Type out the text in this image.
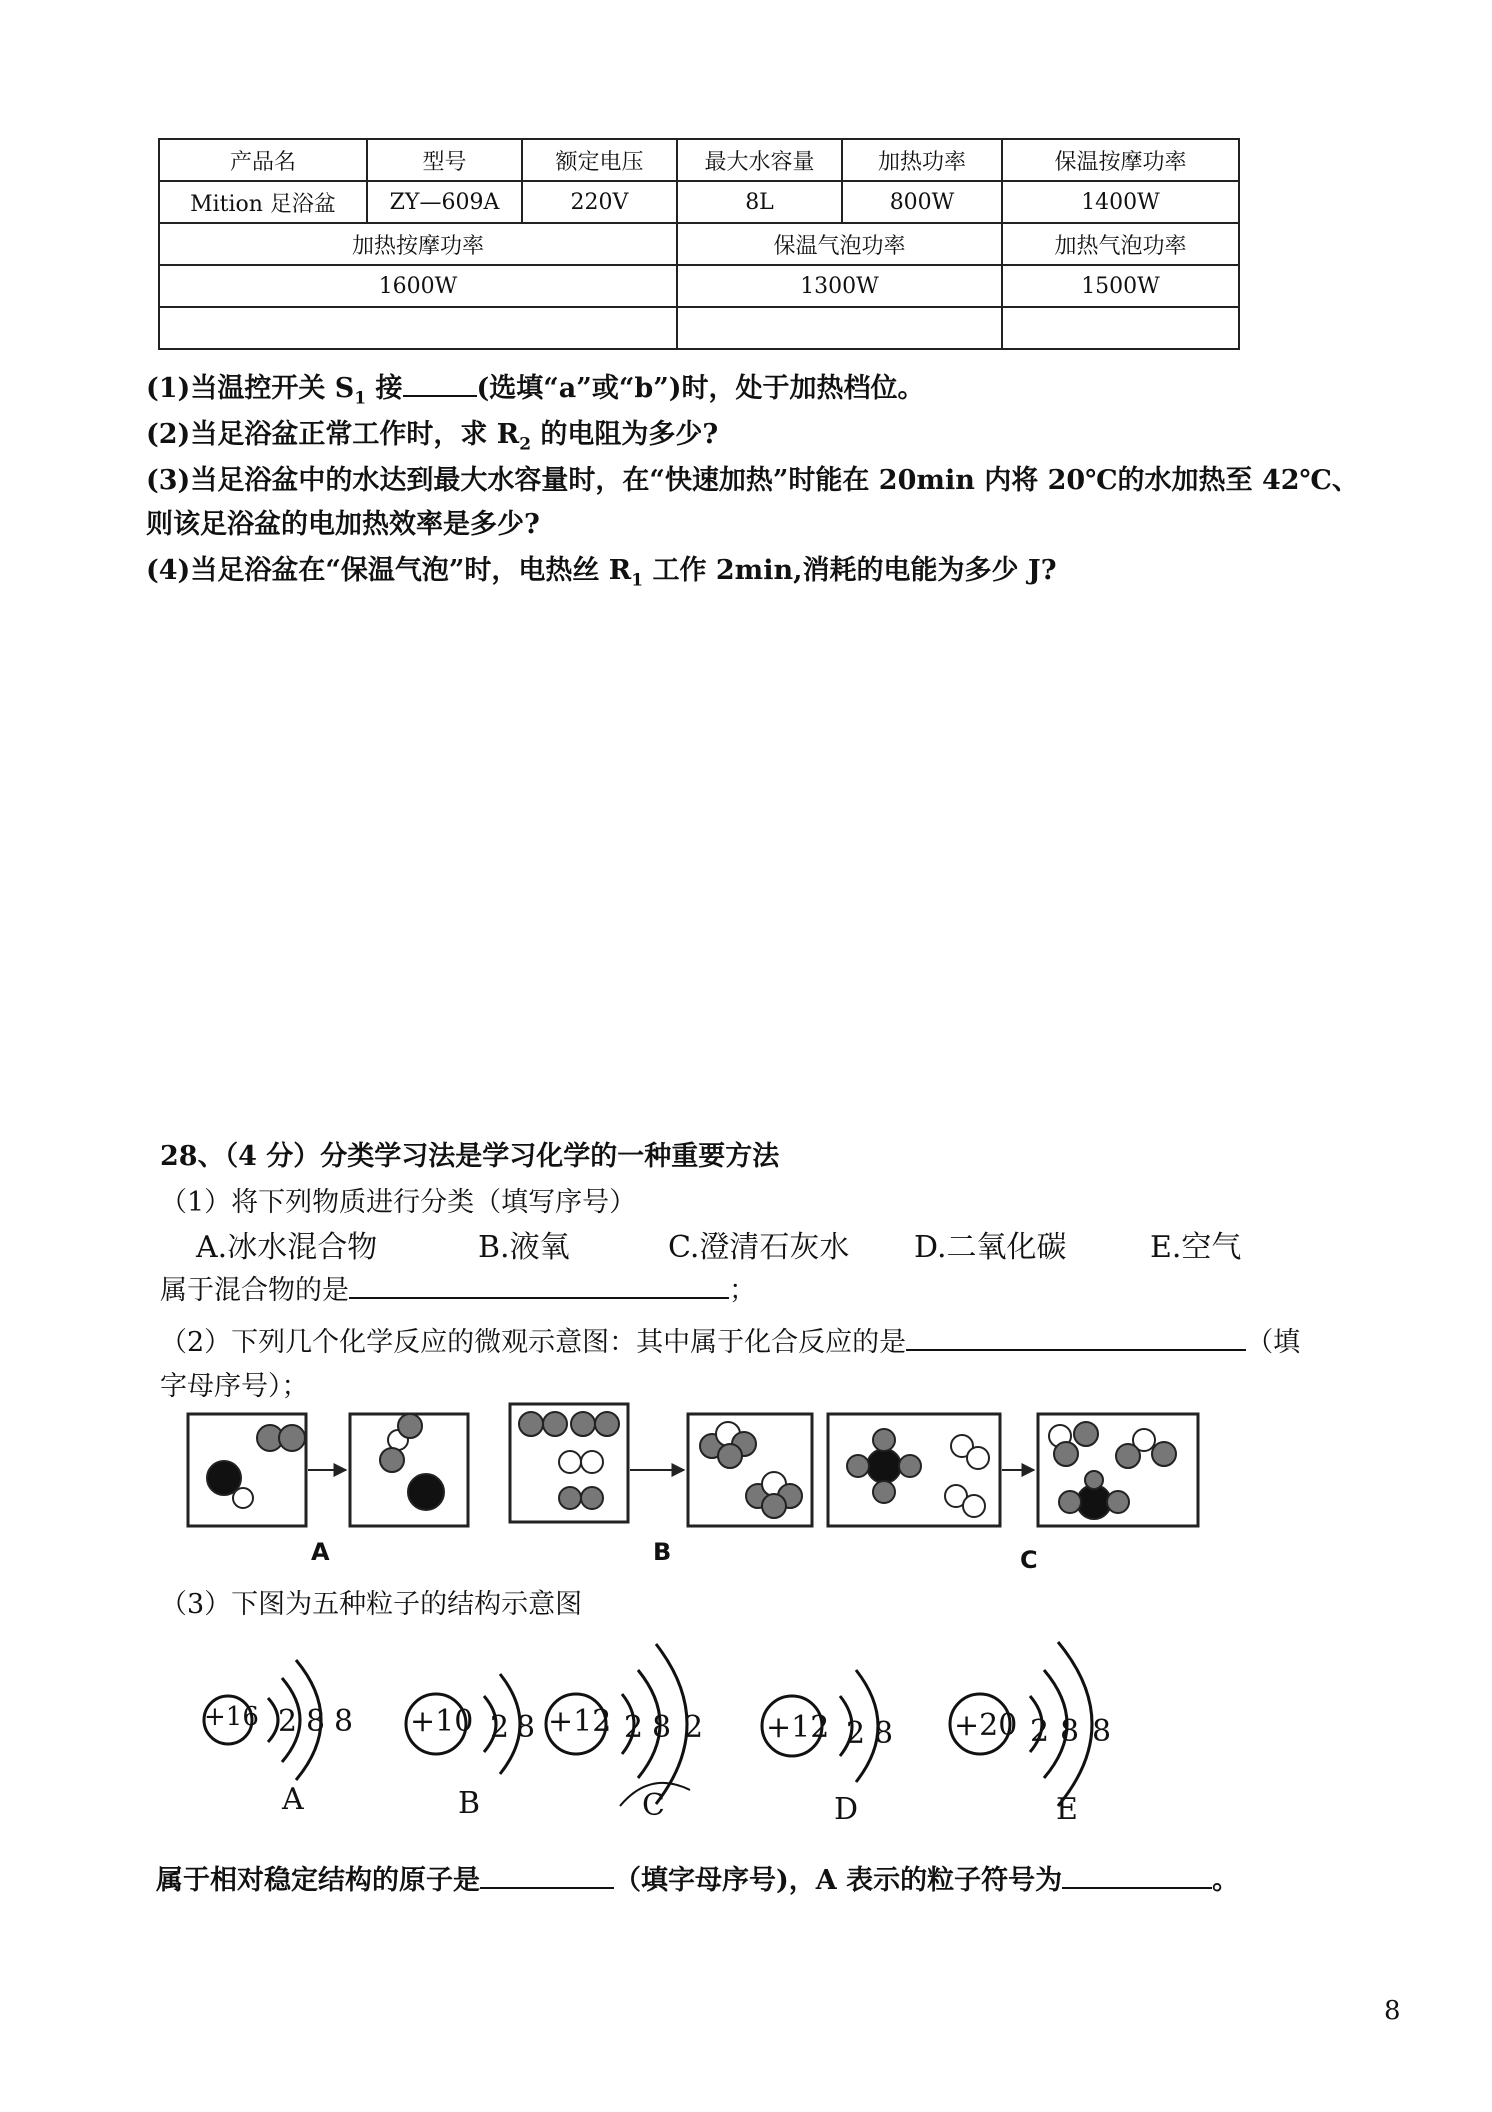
产品名	型号	额定电压	最大水容量	加热功率	保温按摩功率
Mition 足浴盆	ZY—609A	220V	8L	800W	1400W
加热按摩功率			保温气泡功率		加热气泡功率
1600W			1300W		1500W

(1)当温控开关 $S_1$ 接	(选填“a”或“b”)时，处于加热档位。
(2)当足浴盆正常工作时，求 $R_2$ 的电阻为多少?
(3)当足浴盆中的水达到最大水容量时，在“快速加热”时能在 20min 内将 20℃的水加热至 42℃、
则该足浴盆的电加热效率是多少?
(4)当足浴盆在“保温气泡”时，电热丝 $R_1$ 工作 2min,消耗的电能为多少 J?
28、（4 分）分类学习法是学习化学的一种重要方法
（1）将下列物质进行分类（填写序号）
A.冰水混合物	B.液氧	C.澄清石灰水 D.二氧化碳	E.空气
属于混合物的是	；
（2）下列几个化学反应的微观示意图：其中属于化合反应的是	（填
字母序号）；
A	B	C
（3）下图为五种粒子的结构示意图
+16 2 8 8
A
+10 2 8
B
+12 2 8 2
C
+12 2 8
D
+20 2 8 8
E
属于相对稳定结构的原子是	（填字母序号)，A 表示的粒子符号为	。
8
